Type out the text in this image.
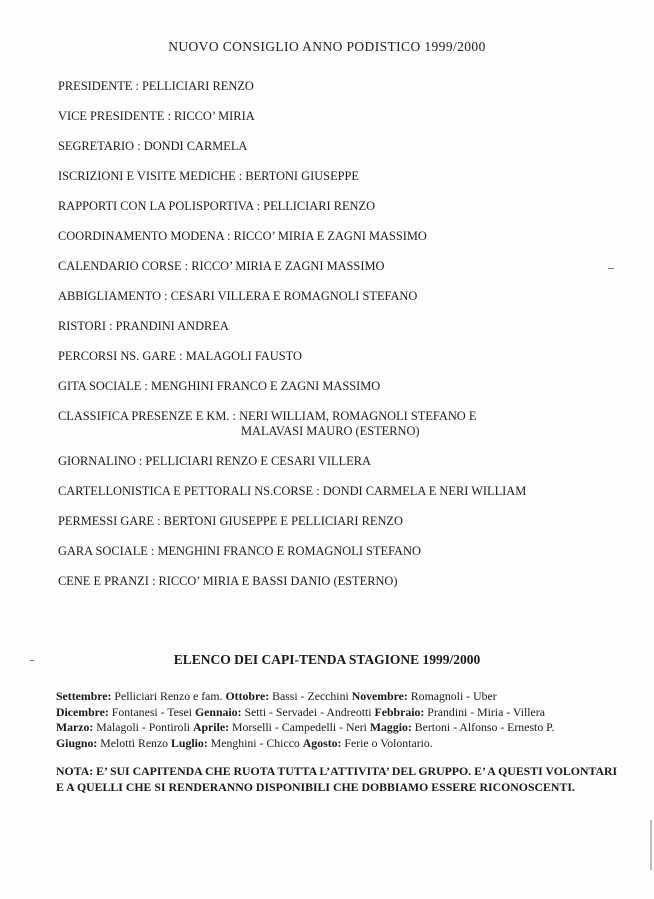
NUOVO CONSIGLIO ANNO PODISTICO 1999/2000
PRESIDENTE : PELLICIARI RENZO
VICE PRESIDENTE : RICCO’ MIRIA
SEGRETARIO : DONDI CARMELA
ISCRIZIONI E VISITE MEDICHE : BERTONI GIUSEPPE
RAPPORTI CON LA POLISPORTIVA : PELLICIARI RENZO
COORDINAMENTO MODENA : RICCO’ MIRIA E ZAGNI MASSIMO
CALENDARIO CORSE : RICCO’ MIRIA E ZAGNI MASSIMO
ABBIGLIAMENTO : CESARI VILLERA E ROMAGNOLI STEFANO
RISTORI : PRANDINI ANDREA
PERCORSI NS. GARE : MALAGOLI FAUSTO
GITA SOCIALE : MENGHINI FRANCO E ZAGNI MASSIMO
CLASSIFICA PRESENZE E KM. : NERI WILLIAM, ROMAGNOLI STEFANO E
MALAVASI MAURO (ESTERNO)
GIORNALINO : PELLICIARI RENZO E CESARI VILLERA
CARTELLONISTICA E PETTORALI NS.CORSE : DONDI CARMELA E NERI WILLIAM
PERMESSI GARE : BERTONI GIUSEPPE E PELLICIARI RENZO
GARA SOCIALE : MENGHINI FRANCO E ROMAGNOLI STEFANO
CENE E PRANZI : RICCO’ MIRIA E BASSI DANIO (ESTERNO)
ELENCO DEI CAPI-TENDA STAGIONE 1999/2000
Settembre: Pelliciari Renzo e fam. Ottobre: Bassi - Zecchini Novembre: Romagnoli - Uber
Dicembre: Fontanesi - Tesei Gennaio: Setti - Servadei - Andreotti Febbraio: Prandini - Miria - Villera
Marzo: Malagoli - Pontiroli Aprile: Morselli - Campedelli - Neri Maggio: Bertoni - Alfonso - Ernesto P.
Giugno: Melotti Renzo Luglio: Menghini - Chicco Agosto: Ferie o Volontario.
NOTA: E’ SUI CAPITENDA CHE RUOTA TUTTA L’ATTIVITA’ DEL GRUPPO. E’ A QUESTI VOLONTARI E A QUELLI CHE SI RENDERANNO DISPONIBILI CHE DOBBIAMO ESSERE RICONOSCENTI.
